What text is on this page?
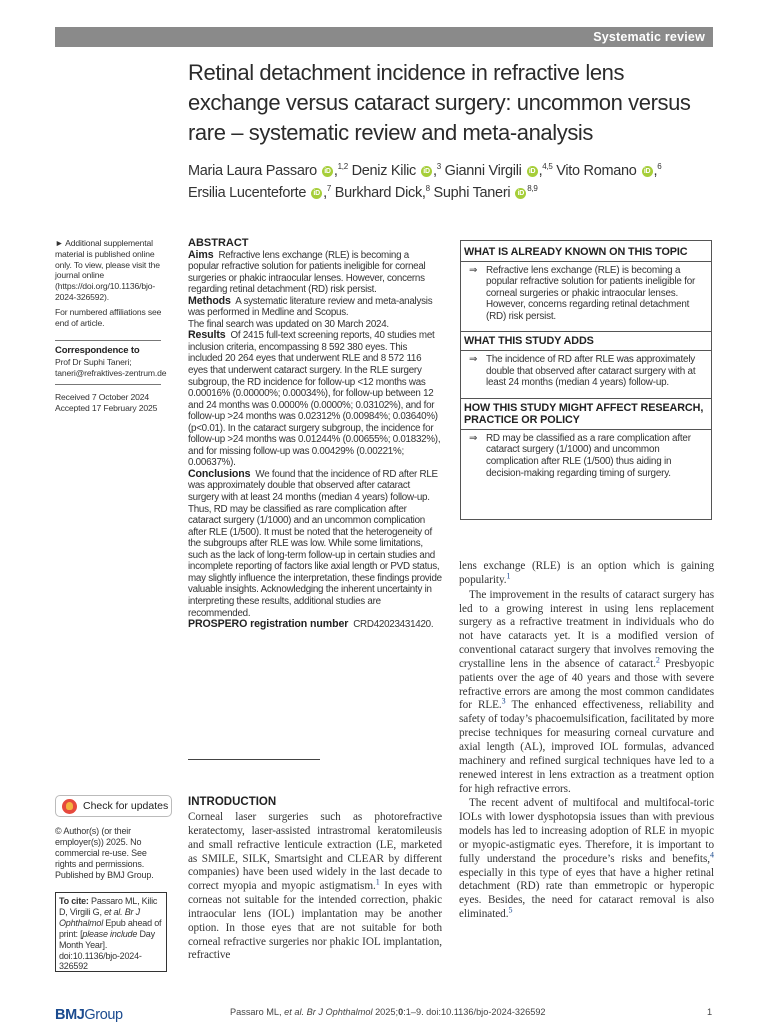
Systematic review
Retinal detachment incidence in refractive lens exchange versus cataract surgery: uncommon versus rare – systematic review and meta-analysis
Maria Laura Passaro iD ,$^{1,2}$ Deniz Kilic iD ,$^3$ Gianni Virgili iD ,$^{4,5}$ Vito Romano iD ,$^6$
Ersilia Lucenteforte iD ,$^7$ Burkhard Dick,$^8$ Suphi Taneri iD $^{8,9}$
► Additional supplemental material is published online only. To view, please visit the journal online (https://doi.org/10.1136/bjo-2024-326592).
For numbered affiliations see end of article.
Correspondence to
Prof Dr Suphi Taneri; taneri@refraktives-zentrum.de
Received 7 October 2024
Accepted 17 February 2025
ABSTRACT

Aims Refractive lens exchange (RLE) is becoming a popular refractive solution for patients ineligible for corneal surgeries or phakic intraocular lenses. However, concerns regarding retinal detachment (RD) risk persist.

Methods A systematic literature review and meta-analysis was performed in Medline and Scopus.

The final search was updated on 30 March 2024.

Results Of 2415 full-text screening reports, 40 studies met inclusion criteria, encompassing 8 592 380 eyes. This included 20 264 eyes that underwent RLE and 8 572 116 eyes that underwent cataract surgery. In the RLE surgery subgroup, the RD incidence for follow-up <12 months was 0.00016% (0.00000%; 0.00034%), for follow-up between 12 and 24 months was 0.0000% (0.0000%; 0.03102%), and for follow-up >24 months was 0.02312% (0.00984%; 0.03640%) (p<0.01). In the cataract surgery subgroup, the incidence for follow-up >24 months was 0.01244% (0.00655%; 0.01832%), and for missing follow-up was 0.00429% (0.00221%; 0.00637%).

Conclusions We found that the incidence of RD after RLE was approximately double that observed after cataract surgery with at least 24 months (median 4 years) follow-up. Thus, RD may be classified as rare complication after cataract surgery (1/1000) and an uncommon complication after RLE (1/500). It must be noted that the heterogeneity of the subgroups after RLE was low. While some limitations, such as the lack of long-term follow-up in certain studies and incomplete reporting of factors like axial length or PVD status, may slightly influence the interpretation, these findings provide valuable insights. Acknowledging the inherent uncertainty in interpreting these results, additional studies are recommended.

PROSPERO registration number CRD42023431420.

WHAT IS ALREADY KNOWN ON THIS TOPIC
⇒ Refractive lens exchange (RLE) is becoming a popular refractive solution for patients ineligible for corneal surgeries or phakic intraocular lenses. However, concerns regarding retinal detachment (RD) risk persist.
WHAT THIS STUDY ADDS
⇒ The incidence of RD after RLE was approximately double that observed after cataract surgery with at least 24 months (median 4 years) follow-up.
HOW THIS STUDY MIGHT AFFECT RESEARCH, PRACTICE OR POLICY
⇒ RD may be classified as a rare complication after cataract surgery (1/1000) and uncommon complication after RLE (1/500) thus aiding in decision-making regarding timing of surgery.
Check for updates
© Author(s) (or their employer(s)) 2025. No commercial re-use. See rights and permissions. Published by BMJ Group.
To cite: Passaro ML, Kilic D, Virgili G, et al. Br J Ophthalmol Epub ahead of print: [please include Day Month Year]. doi:10.1136/bjo-2024-326592
INTRODUCTION
Corneal laser surgeries such as photorefractive keratectomy, laser-assisted intrastromal keratomileusis and small refractive lenticule extraction (LE, marketed as SMILE, SILK, Smartsight and CLEAR by different companies) have been used widely in the last decade to correct myopia and myopic astigmatism.$^1$ In eyes with corneas not suitable for the intended correction, phakic intraocular lens (IOL) implantation may be another option. In those eyes that are not suitable for both corneal refractive surgeries nor phakic IOL implantation, refractive

lens exchange (RLE) is an option which is gaining popularity.$^1$

The improvement in the results of cataract surgery has led to a growing interest in using lens replacement surgery as a refractive treatment in individuals who do not have cataracts yet. It is a modified version of conventional cataract surgery that involves removing the crystalline lens in the absence of cataract.$^2$ Presbyopic patients over the age of 40 years and those with severe refractive errors are among the most common candidates for RLE.$^3$ The enhanced effectiveness, reliability and safety of today’s phacoemulsification, facilitated by more precise techniques for measuring corneal curvature and axial length (AL), improved IOL formulas, advanced machinery and refined surgical techniques have led to a renewed interest in lens extraction as a treatment option for high refractive errors.

The recent advent of multifocal and multifocal-toric IOLs with lower dysphotopsia issues than with previous models has led to increasing adoption of RLE in myopic or myopic-astigmatic eyes. Therefore, it is important to fully understand the procedure’s risks and benefits,$^4$ especially in this type of eyes that have a higher retinal detachment (RD) rate than emmetropic or hyperopic eyes. Besides, the need for cataract removal is also eliminated.$^5$

BMJGroup	Passaro ML, et al. Br J Ophthalmol 2025;0:1–9. doi:10.1136/bjo-2024-326592	1
